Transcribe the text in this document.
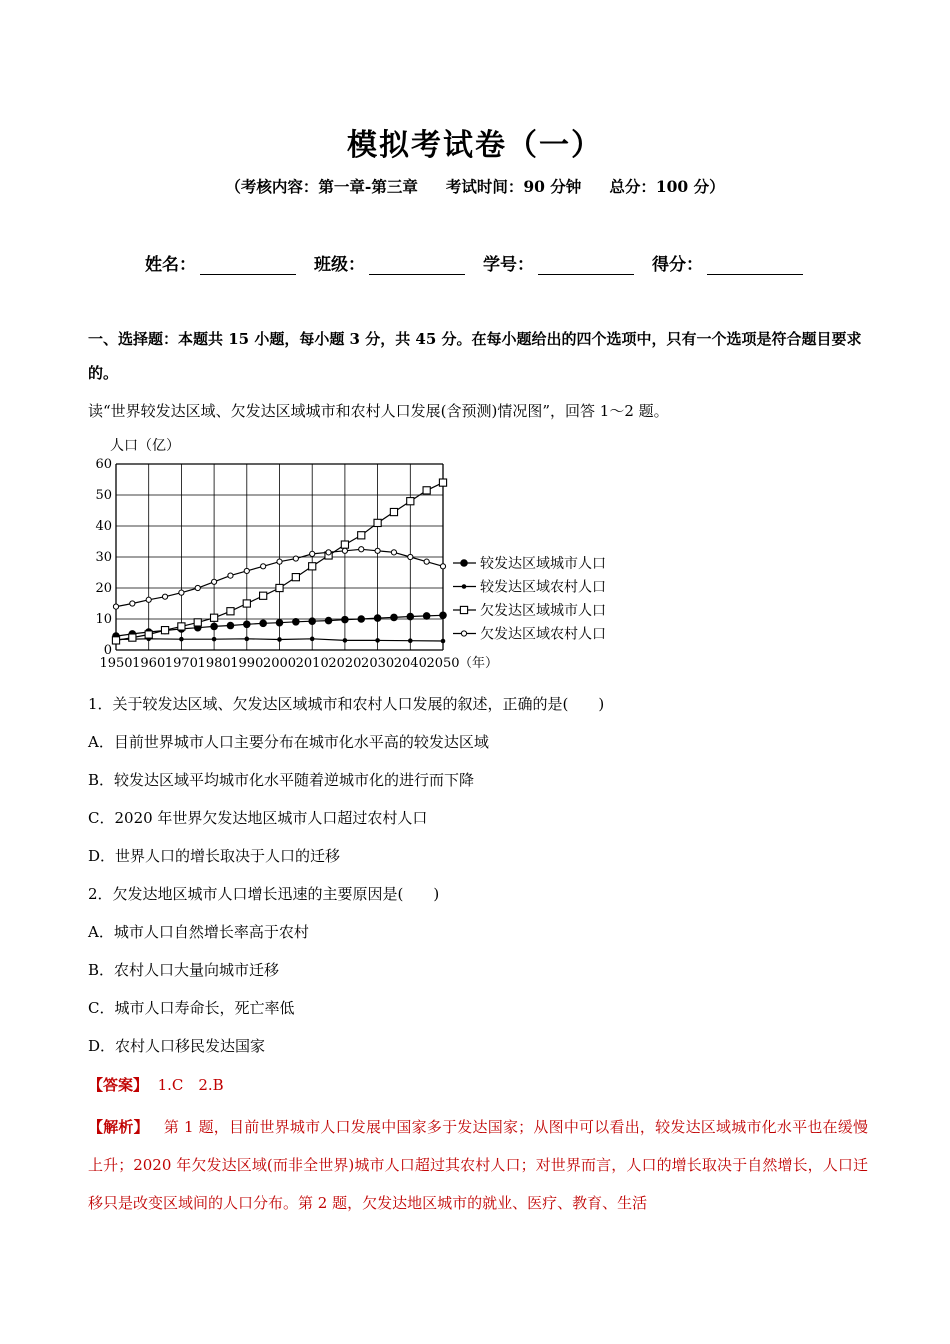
模拟考试卷（一）
（考核内容：第一章-第三章 考试时间：90 分钟 总分：100 分）
姓名：	班级：	学号：	得分：
一、选择题：本题共 15 小题，每小题 3 分，共 45 分。在每小题给出的四个选项中，只有一个选项是符合题目要求的。
读“世界较发达区域、欠发达区域城市和农村人口发展(含预测)情况图”，回答 1～2 题。
0
10
20
30
40
50
60
1950 1960 1970 1980 1990 2000 2010 2020 2030 2040 2050 （年）
人口（亿）
较发达区域城市人口
较发达区域农村人口
欠发达区域城市人口
欠发达区域农村人口
1．关于较发达区域、欠发达区域城市和农村人口发展的叙述，正确的是(　　)
A．目前世界城市人口主要分布在城市化水平高的较发达区域
B．较发达区域平均城市化水平随着逆城市化的进行而下降
C．2020 年世界欠发达地区城市人口超过农村人口
D．世界人口的增长取决于人口的迁移
2．欠发达地区城市人口增长迅速的主要原因是(　　)
A．城市人口自然增长率高于农村
B．农村人口大量向城市迁移
C．城市人口寿命长，死亡率低
D．农村人口移民发达国家
【答案】 1.C　2.B
【解析】 第 1 题，目前世界城市人口发展中国家多于发达国家；从图中可以看出，较发达区域城市化水平也在缓慢上升；2020 年欠发达区域(而非全世界)城市人口超过其农村人口；对世界而言，人口的增长取决于自然增长，人口迁移只是改变区域间的人口分布。第 2 题，欠发达地区城市的就业、医疗、教育、生活
